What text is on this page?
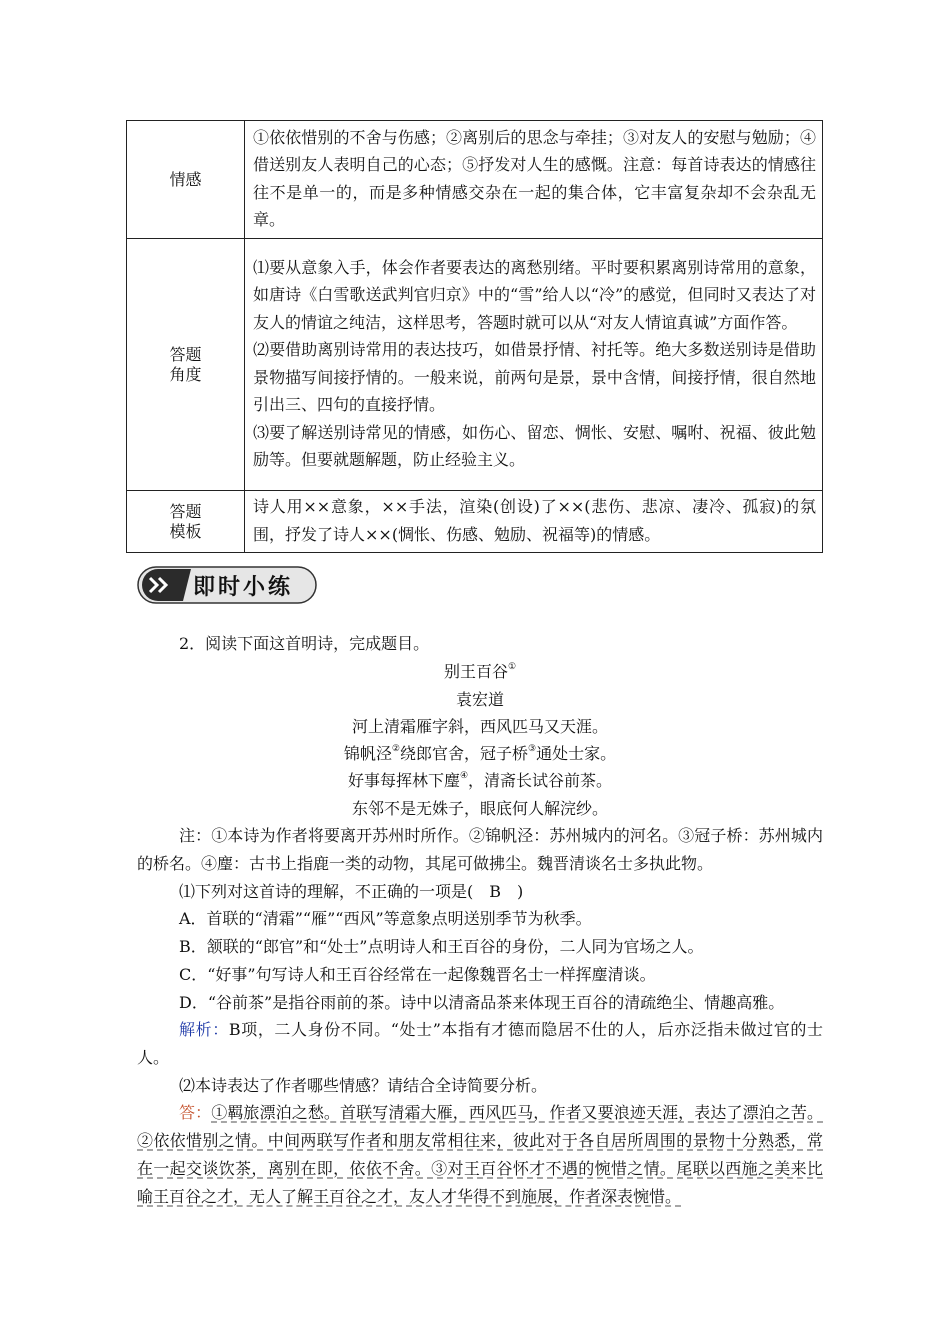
情感	①依依惜别的不舍与伤感；②离别后的思念与牵挂；③对友人的安慰与勉励；④借送别友人表明自己的心态；⑤抒发对人生的感慨。注意：每首诗表达的情感往往不是单一的，而是多种情感交杂在一起的集合体，它丰富复杂却不会杂乱无章。

答题
角度	⑴要从意象入手，体会作者要表达的离愁别绪。平时要积累离别诗常用的意象，如唐诗《白雪歌送武判官归京》中的“雪”给人以“冷”的感觉，但同时又表达了对友人的情谊之纯洁，这样思考，答题时就可以从“对友人情谊真诚”方面作答。
⑵要借助离别诗常用的表达技巧，如借景抒情、衬托等。绝大多数送别诗是借助景物描写间接抒情的。一般来说，前两句是景，景中含情，间接抒情，很自然地引出三、四句的直接抒情。
⑶要了解送别诗常见的情感，如伤心、留恋、惆怅、安慰、嘱咐、祝福、彼此勉励等。但要就题解题，防止经验主义。

答题
模板	诗人用××意象，××手法，渲染(创设)了××(悲伤、悲凉、凄冷、孤寂)的氛围，抒发了诗人××(惆怅、伤感、勉励、祝福等)的情感。
即时小练
2．阅读下面这首明诗，完成题目。
别王百谷①
袁宏道
河上清霜雁字斜，西风匹马又天涯。
锦帆泾②绕郎官舍，冠子桥③通处士家。
好事每挥林下麈④，清斋长试谷前茶。
东邻不是无姝子，眼底何人解浣纱。
注：①本诗为作者将要离开苏州时所作。②锦帆泾：苏州城内的河名。③冠子桥：苏州城内的桥名。④麈：古书上指鹿一类的动物，其尾可做拂尘。魏晋清谈名士多执此物。
⑴下列对这首诗的理解，不正确的一项是(　B　)
A．首联的“清霜”“雁”“西风”等意象点明送别季节为秋季。
B．颔联的“郎官”和“处士”点明诗人和王百谷的身份，二人同为官场之人。
C．“好事”句写诗人和王百谷经常在一起像魏晋名士一样挥麈清谈。
D．“谷前茶”是指谷雨前的茶。诗中以清斋品茶来体现王百谷的清疏绝尘、情趣高雅。
解析：B项，二人身份不同。“处士”本指有才德而隐居不仕的人，后亦泛指未做过官的士人。
⑵本诗表达了作者哪些情感？请结合全诗简要分析。
答：①羁旅漂泊之愁。首联写清霜大雁，西风匹马，作者又要浪迹天涯，表达了漂泊之苦。②依依惜别之情。中间两联写作者和朋友常相往来，彼此对于各自居所周围的景物十分熟悉，常在一起交谈饮茶，离别在即，依依不舍。③对王百谷怀才不遇的惋惜之情。尾联以西施之美来比喻王百谷之才，无人了解王百谷之才，友人才华得不到施展，作者深表惋惜。
